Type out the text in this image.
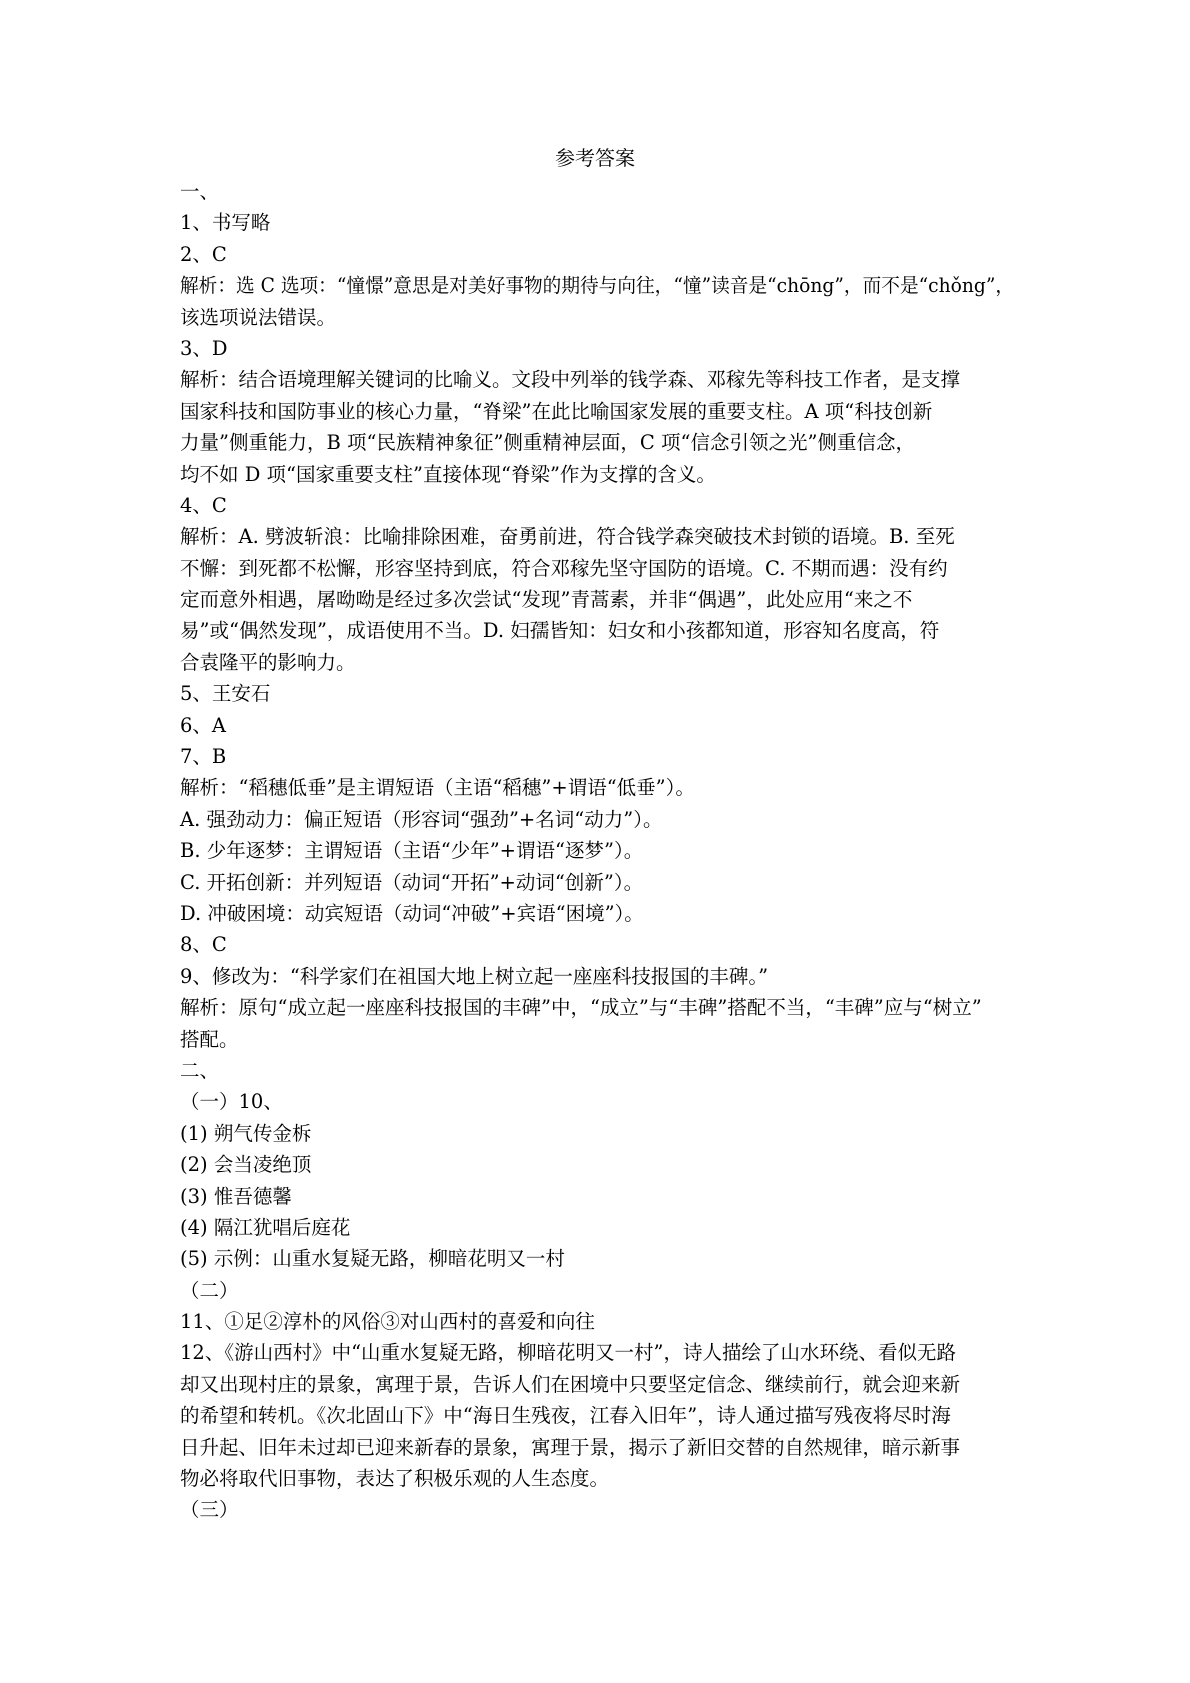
参考答案
一、
1、书写略
2、C
解析：选 C 选项：“憧憬”意思是对美好事物的期待与向往，“憧”读音是“chōng”，而不是“chǒng”，
该选项说法错误。
3、D
解析：结合语境理解关键词的比喻义。文段中列举的钱学森、邓稼先等科技工作者，是支撑
国家科技和国防事业的核心力量，“脊梁”在此比喻国家发展的重要支柱。A 项“科技创新
力量”侧重能力，B 项“民族精神象征”侧重精神层面，C 项“信念引领之光”侧重信念，
均不如 D 项“国家重要支柱”直接体现“脊梁”作为支撑的含义。
4、C
解析：A. 劈波斩浪：比喻排除困难，奋勇前进，符合钱学森突破技术封锁的语境。B. 至死
不懈：到死都不松懈，形容坚持到底，符合邓稼先坚守国防的语境。C. 不期而遇：没有约
定而意外相遇，屠呦呦是经过多次尝试“发现”青蒿素，并非“偶遇”，此处应用“来之不
易”或“偶然发现”，成语使用不当。D. 妇孺皆知：妇女和小孩都知道，形容知名度高，符
合袁隆平的影响力。
5、王安石
6、A
7、B
解析：“稻穗低垂”是主谓短语（主语“稻穗”+谓语“低垂”）。
A. 强劲动力：偏正短语（形容词“强劲”+名词“动力”）。
B. 少年逐梦：主谓短语（主语“少年”+谓语“逐梦”）。
C. 开拓创新：并列短语（动词“开拓”+动词“创新”）。
D. 冲破困境：动宾短语（动词“冲破”+宾语“困境”）。
8、C
9、修改为：“科学家们在祖国大地上树立起一座座科技报国的丰碑。”
解析：原句“成立起一座座科技报国的丰碑”中，“成立”与“丰碑”搭配不当，“丰碑”应与“树立”
搭配。
二、
（一）10、
(1) 朔气传金柝
(2) 会当凌绝顶
(3) 惟吾德馨
(4) 隔江犹唱后庭花
(5) 示例：山重水复疑无路，柳暗花明又一村
（二）
11、①足②淳朴的风俗③对山西村的喜爱和向往
12、《游山西村》中“山重水复疑无路，柳暗花明又一村”，诗人描绘了山水环绕、看似无路
却又出现村庄的景象，寓理于景，告诉人们在困境中只要坚定信念、继续前行，就会迎来新
的希望和转机。《次北固山下》中“海日生残夜，江春入旧年”，诗人通过描写残夜将尽时海
日升起、旧年未过却已迎来新春的景象，寓理于景，揭示了新旧交替的自然规律，暗示新事
物必将取代旧事物，表达了积极乐观的人生态度。
（三）
